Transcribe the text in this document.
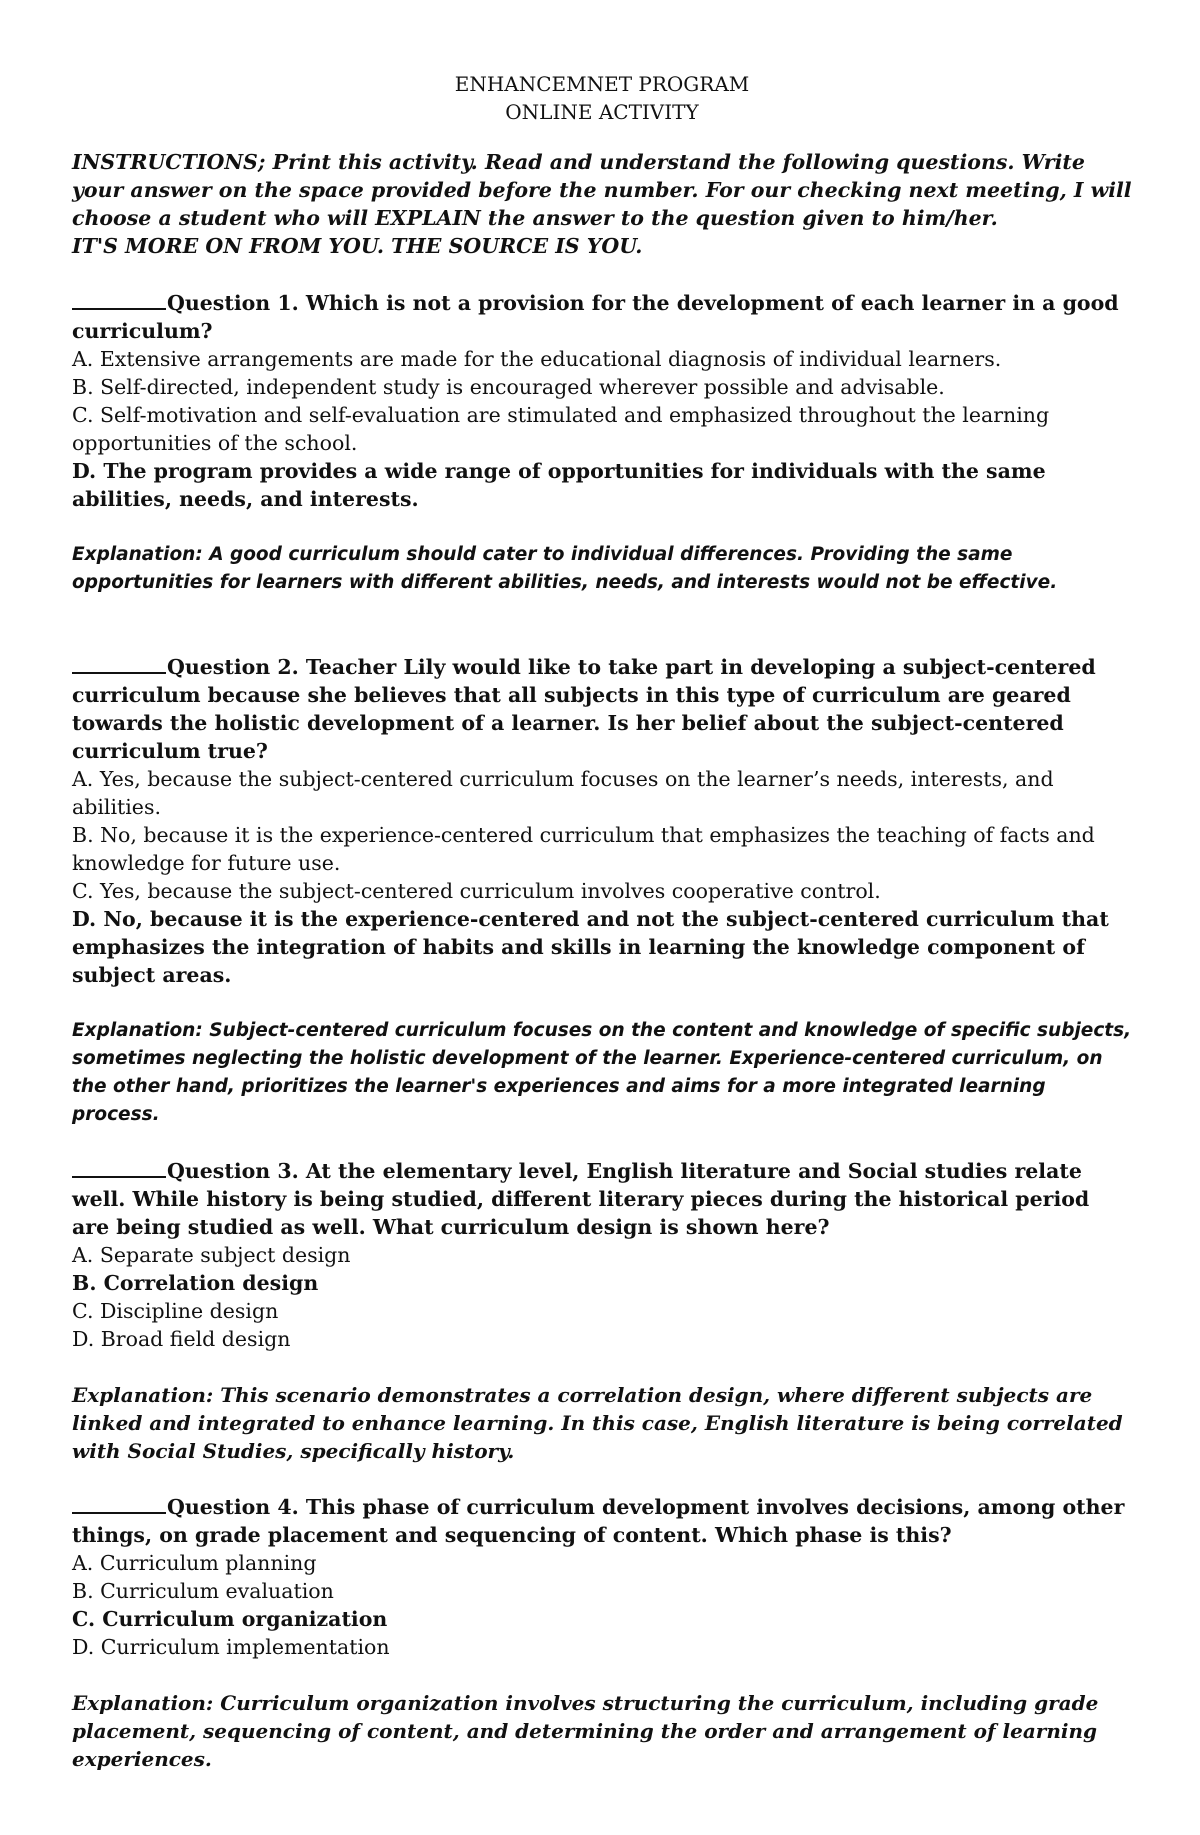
ENHANCEMNET PROGRAM
ONLINE ACTIVITY

INSTRUCTIONS; Print this activity. Read and understand the following questions. Write your answer on the space provided before the number. For our checking next meeting, I will choose a student who will EXPLAIN the answer to the question given to him/her.

IT'S MORE ON FROM YOU. THE SOURCE IS YOU.

Question 1. Which is not a provision for the development of each learner in a good curriculum?

A. Extensive arrangements are made for the educational diagnosis of individual learners.
B. Self-directed, independent study is encouraged wherever possible and advisable.
C. Self-motivation and self-evaluation are stimulated and emphasized throughout the learning opportunities of the school.
D. The program provides a wide range of opportunities for individuals with the same abilities, needs, and interests.

Explanation: A good curriculum should cater to individual differences. Providing the same opportunities for learners with different abilities, needs, and interests would not be effective.

Question 2. Teacher Lily would like to take part in developing a subject-centered curriculum because she believes that all subjects in this type of curriculum are geared towards the holistic development of a learner. Is her belief about the subject-centered curriculum true?

A. Yes, because the subject-centered curriculum focuses on the learner’s needs, interests, and abilities.
B. No, because it is the experience-centered curriculum that emphasizes the teaching of facts and knowledge for future use.
C. Yes, because the subject-centered curriculum involves cooperative control.
D. No, because it is the experience-centered and not the subject-centered curriculum that emphasizes the integration of habits and skills in learning the knowledge component of subject areas.

Explanation: Subject-centered curriculum focuses on the content and knowledge of specific subjects, sometimes neglecting the holistic development of the learner. Experience-centered curriculum, on the other hand, prioritizes the learner's experiences and aims for a more integrated learning process.

Question 3. At the elementary level, English literature and Social studies relate well. While history is being studied, different literary pieces during the historical period are being studied as well. What curriculum design is shown here?

A. Separate subject design
B. Correlation design
C. Discipline design
D. Broad field design

Explanation: This scenario demonstrates a correlation design, where different subjects are linked and integrated to enhance learning. In this case, English literature is being correlated with Social Studies, specifically history.

Question 4. This phase of curriculum development involves decisions, among other things, on grade placement and sequencing of content. Which phase is this?

A. Curriculum planning
B. Curriculum evaluation
C. Curriculum organization
D. Curriculum implementation

Explanation: Curriculum organization involves structuring the curriculum, including grade placement, sequencing of content, and determining the order and arrangement of learning experiences.
